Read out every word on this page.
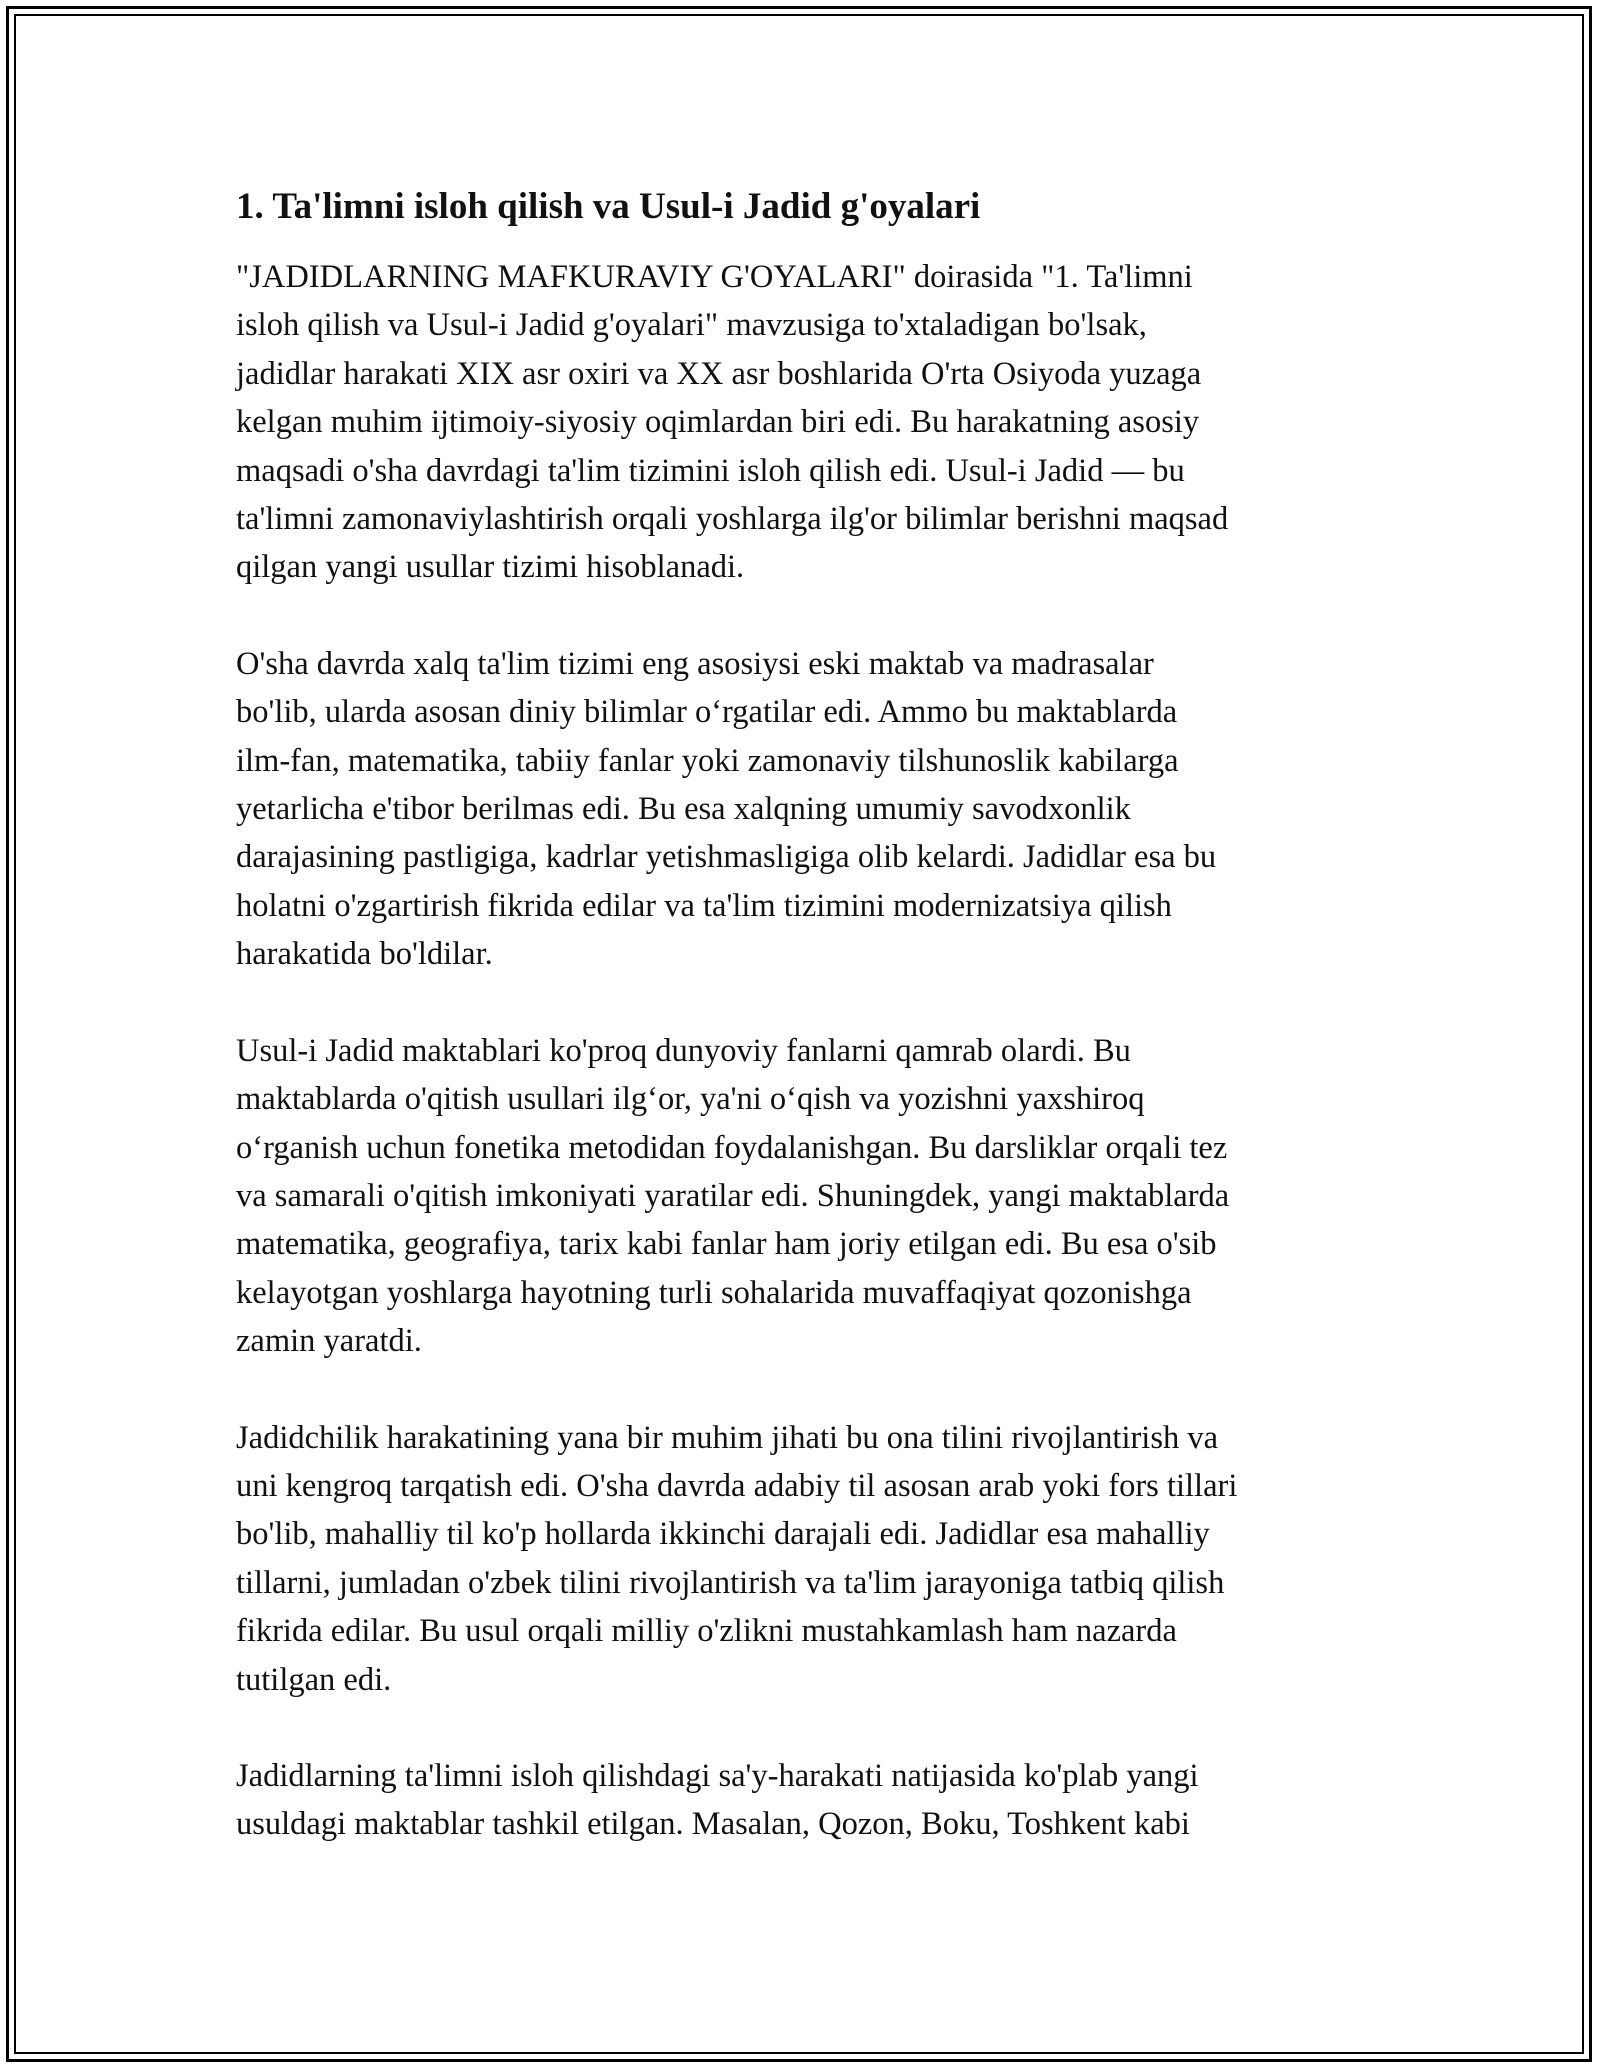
1. Ta'limni isloh qilish va Usul-i Jadid g'oyalari

"JADIDLARNING MAFKURAVIY G'OYALARI" doirasida "1. Ta'limni
isloh qilish va Usul-i Jadid g'oyalari" mavzusiga to'xtaladigan bo'lsak,
jadidlar harakati XIX asr oxiri va XX asr boshlarida O'rta Osiyoda yuzaga
kelgan muhim ijtimoiy-siyosiy oqimlardan biri edi. Bu harakatning asosiy
maqsadi o'sha davrdagi ta'lim tizimini isloh qilish edi. Usul-i Jadid — bu
ta'limni zamonaviylashtirish orqali yoshlarga ilg'or bilimlar berishni maqsad
qilgan yangi usullar tizimi hisoblanadi.

O'sha davrda xalq ta'lim tizimi eng asosiysi eski maktab va madrasalar
bo'lib, ularda asosan diniy bilimlar o‘rgatilar edi. Ammo bu maktablarda
ilm-fan, matematika, tabiiy fanlar yoki zamonaviy tilshunoslik kabilarga
yetarlicha e'tibor berilmas edi. Bu esa xalqning umumiy savodxonlik
darajasining pastligiga, kadrlar yetishmasligiga olib kelardi. Jadidlar esa bu
holatni o'zgartirish fikrida edilar va ta'lim tizimini modernizatsiya qilish
harakatida bo'ldilar.

Usul-i Jadid maktablari ko'proq dunyoviy fanlarni qamrab olardi. Bu
maktablarda o'qitish usullari ilg‘or, ya'ni o‘qish va yozishni yaxshiroq
o‘rganish uchun fonetika metodidan foydalanishgan. Bu darsliklar orqali tez
va samarali o'qitish imkoniyati yaratilar edi. Shuningdek, yangi maktablarda
matematika, geografiya, tarix kabi fanlar ham joriy etilgan edi. Bu esa o'sib
kelayotgan yoshlarga hayotning turli sohalarida muvaffaqiyat qozonishga
zamin yaratdi.

Jadidchilik harakatining yana bir muhim jihati bu ona tilini rivojlantirish va
uni kengroq tarqatish edi. O'sha davrda adabiy til asosan arab yoki fors tillari
bo'lib, mahalliy til ko'p hollarda ikkinchi darajali edi. Jadidlar esa mahalliy
tillarni, jumladan o'zbek tilini rivojlantirish va ta'lim jarayoniga tatbiq qilish
fikrida edilar. Bu usul orqali milliy o'zlikni mustahkamlash ham nazarda
tutilgan edi.

Jadidlarning ta'limni isloh qilishdagi sa'y-harakati natijasida ko'plab yangi
usuldagi maktablar tashkil etilgan. Masalan, Qozon, Boku, Toshkent kabi
